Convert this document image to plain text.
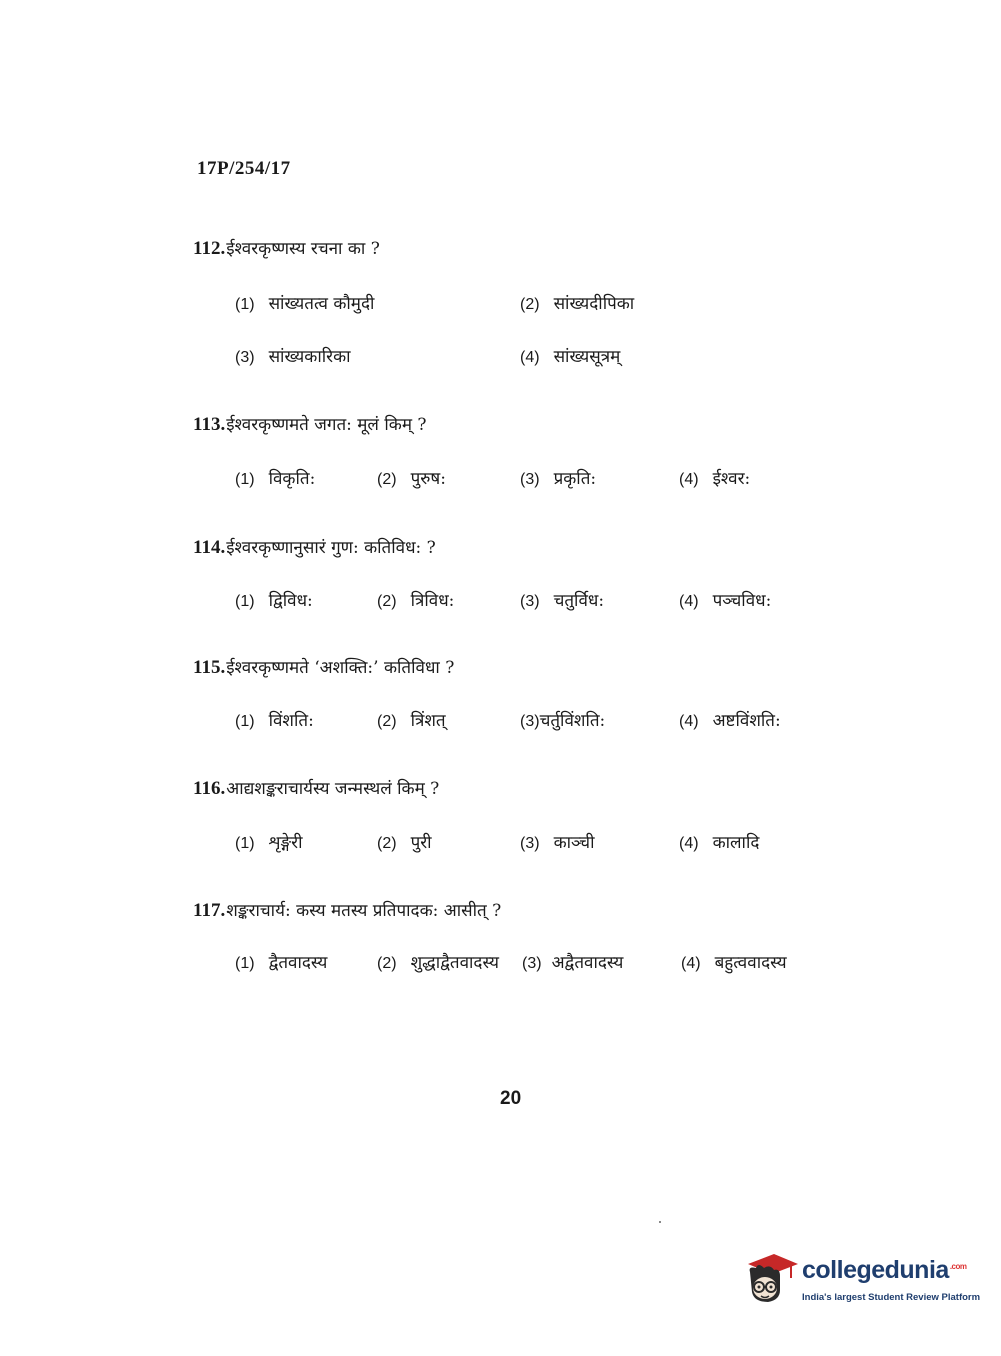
17P/254/17
112. ईश्वरकृष्णस्य रचना का ?
(1) सांख्यतत्व कौमुदी	(2) सांख्यदीपिका
(3) सांख्यकारिका	(4) सांख्यसूत्रम्
113. ईश्वरकृष्णमते जगत: मूलं किम् ?
(1) विकृति:	(2) पुरुष:	(3) प्रकृति:	(4) ईश्वर:
114. ईश्वरकृष्णानुसारं गुण: कतिविध: ?
(1) द्विविध:	(2) त्रिविध:	(3) चतुर्विध:	(4) पञ्चविध:
115. ईश्वरकृष्णमते ‘अशक्ति:’ कतिविधा ?
(1) विंशति:	(2) त्रिंशत्	(3) चर्तुविंशति:	(4) अष्टविंशति:
116. आद्यशङ्कराचार्यस्य जन्मस्थलं किम् ?
(1) शृङ्गेरी	(2) पुरी	(3) काञ्ची	(4) कालादि
117. शङ्कराचार्य: कस्य मतस्य प्रतिपादक: आसीत् ?
(1) द्वैतवादस्य	(2) शुद्धाद्वैतवादस्य (3) अद्वैतवादस्य	(4) बहुत्ववादस्य
20
collegedunia$^{.com}$
India's largest Student Review Platform
